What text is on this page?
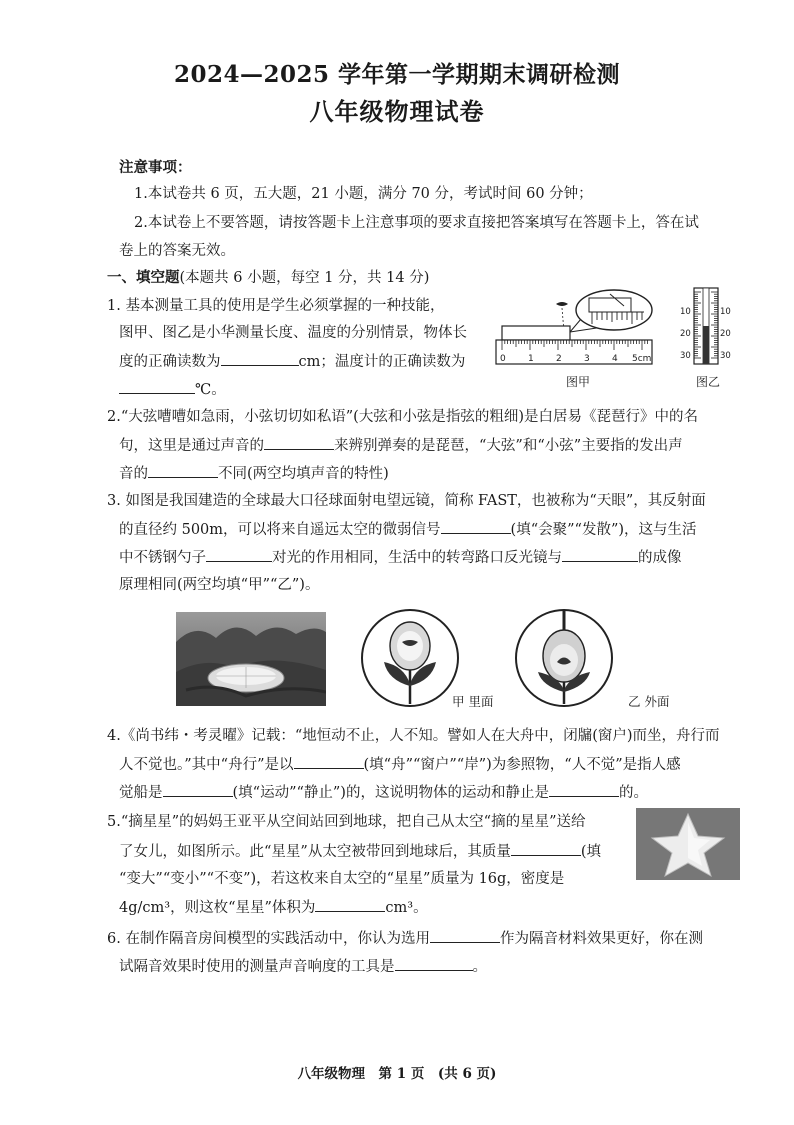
2024—2025 学年第一学期期末调研检测
八年级物理试卷
注意事项：
1.本试卷共 6 页，五大题，21 小题，满分 70 分，考试时间 60 分钟；
2.本试卷上不要答题，请按答题卡上注意事项的要求直接把答案填写在答题卡上，答在试
卷上的答案无效。
一、填空题(本题共 6 小题，每空 1 分，共 14 分)
1. 基本测量工具的使用是学生必须掌握的一种技能，
图甲、图乙是小华测量长度、温度的分别情景，物体长
度的正确读数为	cm；温度计的正确读数为
℃。
0 1 2 3 4 5cm
图甲
10
20
30
10
20
30
图乙
2.“大弦嘈嘈如急雨，小弦切切如私语”(大弦和小弦是指弦的粗细)是白居易《琵琶行》中的名
句，这里是通过声音的	来辨别弹奏的是琵琶，“大弦”和“小弦”主要指的发出声
音的	不同(两空均填声音的特性)
3. 如图是我国建造的全球最大口径球面射电望远镜，简称 FAST，也被称为“天眼”，其反射面
的直径约 500m，可以将来自遥远太空的微弱信号	(填“会聚”“发散”)，这与生活
中不锈钢勺子	对光的作用相同，生活中的转弯路口反光镜与	的成像
原理相同(两空均填“甲”“乙”)。
甲 里面	乙 外面
4.《尚书纬・考灵曜》记载：“地恒动不止，人不知。譬如人在大舟中，闭牖(窗户)而坐，舟行而
人不觉也。”其中“舟行”是以	(填“舟”“窗户”“岸”)为参照物，“人不觉”是指人感
觉船是	(填“运动”“静止”)的，这说明物体的运动和静止是	的。
5.“摘星星”的妈妈王亚平从空间站回到地球，把自己从太空“摘的星星”送给
了女儿，如图所示。此“星星”从太空被带回到地球后，其质量	(填
“变大”“变小”“不变”)，若这枚来自太空的“星星”质量为 16g，密度是
4g/cm³，则这枚“星星”体积为	cm³。
6. 在制作隔音房间模型的实践活动中，你认为选用	作为隔音材料效果更好，你在测
试隔音效果时使用的测量声音响度的工具是	。
八年级物理　第 1 页　(共 6 页)
